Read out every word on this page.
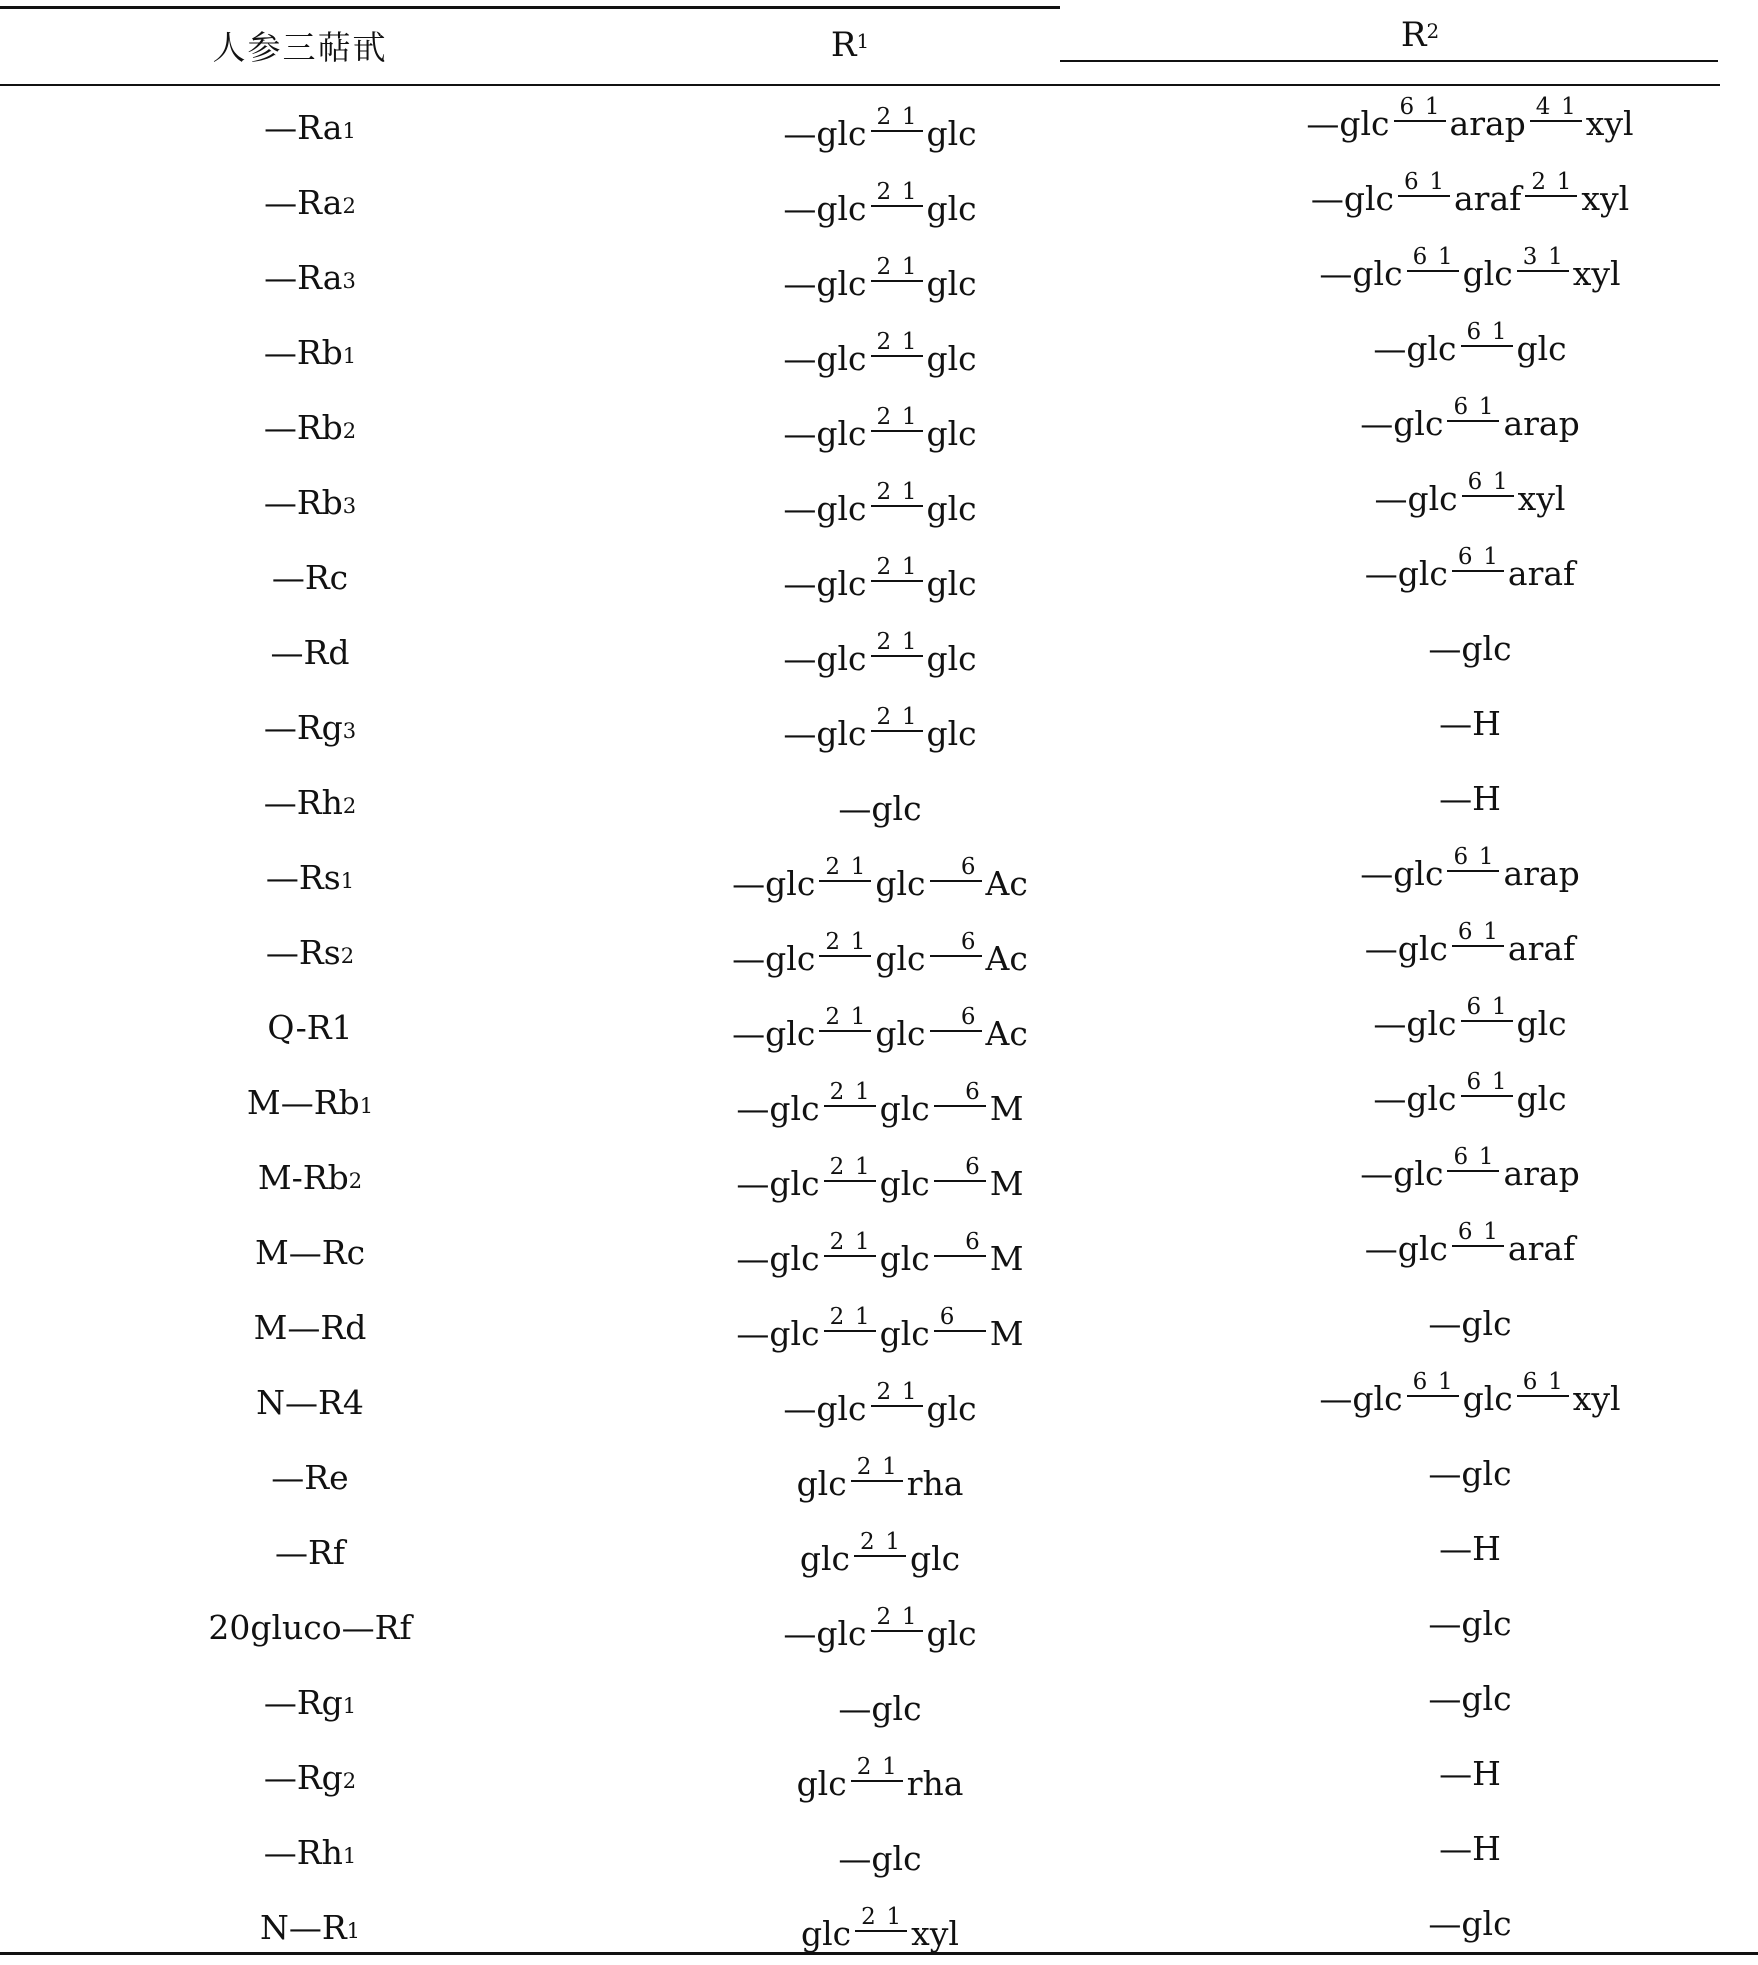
人参三萜甙	$R^1$	$R^2$
—Ra 1	—glc 2 1 glc	—glc 6 1 arap 4 1 xyl
—Ra 2	—glc 2 1 glc	—glc 6 1 araf 2 1 xyl
—Ra 3	—glc 2 1 glc	—glc 6 1 glc 3 1 xyl
—Rb 1	—glc 2 1 glc	—glc 6 1 glc
—Rb 2	—glc 2 1 glc	—glc 6 1 arap
—Rb 3	—glc 2 1 glc	—glc 6 1 xyl
—Rc	—glc 2 1 glc	—glc 6 1 araf
—Rd	—glc 2 1 glc	—glc
—Rg 3	—glc 2 1 glc	—H
—Rh 2	—glc	—H
—Rs 1	—glc 2 1 glc 6 Ac	—glc 6 1 arap
—Rs 2	—glc 2 1 glc 6 Ac	—glc 6 1 araf
Q-R1	—glc 2 1 glc 6 Ac	—glc 6 1 glc
M—Rb 1	—glc 2 1 glc 6 M	—glc 6 1 glc
M-Rb 2	—glc 2 1 glc 6 M	—glc 6 1 arap
M—Rc	—glc 2 1 glc 6 M	—glc 6 1 araf
M—Rd	—glc 2 1 glc 6 M	—glc
N—R4	—glc 2 1 glc	—glc 6 1 glc 6 1 xyl
—Re	glc 2 1 rha	—glc
—Rf	glc 2 1 glc	—H
20gluco—Rf	—glc 2 1 glc	—glc
—Rg 1	—glc	—glc
—Rg 2	glc 2 1 rha	—H
—Rh 1	—glc	—H
N—R 1	glc 2 1 xyl	—glc
